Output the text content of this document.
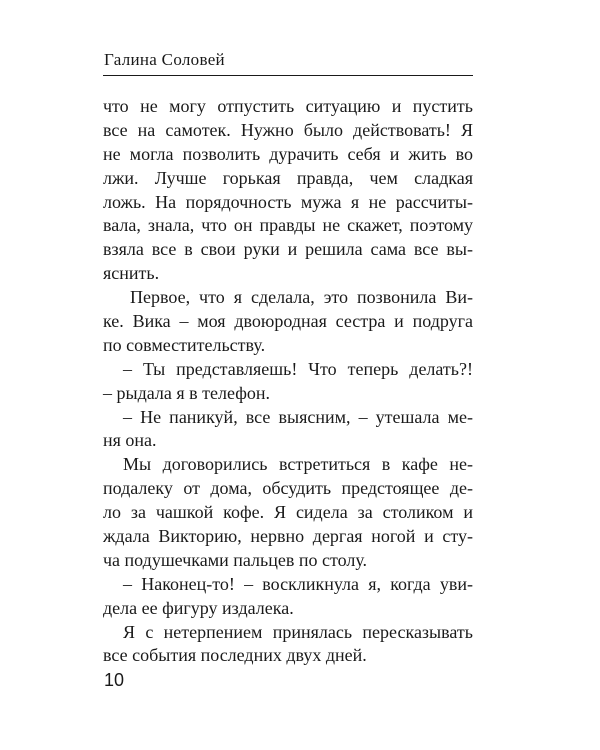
Галина Соловей
что не могу отпустить ситуацию и пустить
все на самотек. Нужно было действовать! Я
не могла позволить дурачить себя и жить во
лжи. Лучше горькая правда, чем сладкая
ложь. На порядочность мужа я не рассчиты-
вала, знала, что он правды не скажет, поэтому
взяла все в свои руки и решила сама все вы-
яснить.
Первое, что я сделала, это позвонила Ви-
ке. Вика – моя двоюродная сестра и подруга
по совместительству.
– Ты представляешь! Что теперь делать?!
– рыдала я в телефон.
– Не паникуй, все выясним, – утешала ме-
ня она.
Мы договорились встретиться в кафе не-
подалеку от дома, обсудить предстоящее де-
ло за чашкой кофе. Я сидела за столиком и
ждала Викторию, нервно дергая ногой и сту-
ча подушечками пальцев по столу.
– Наконец-то! – воскликнула я, когда уви-
дела ее фигуру издалека.
Я с нетерпением принялась пересказывать
все события последних двух дней.
10
